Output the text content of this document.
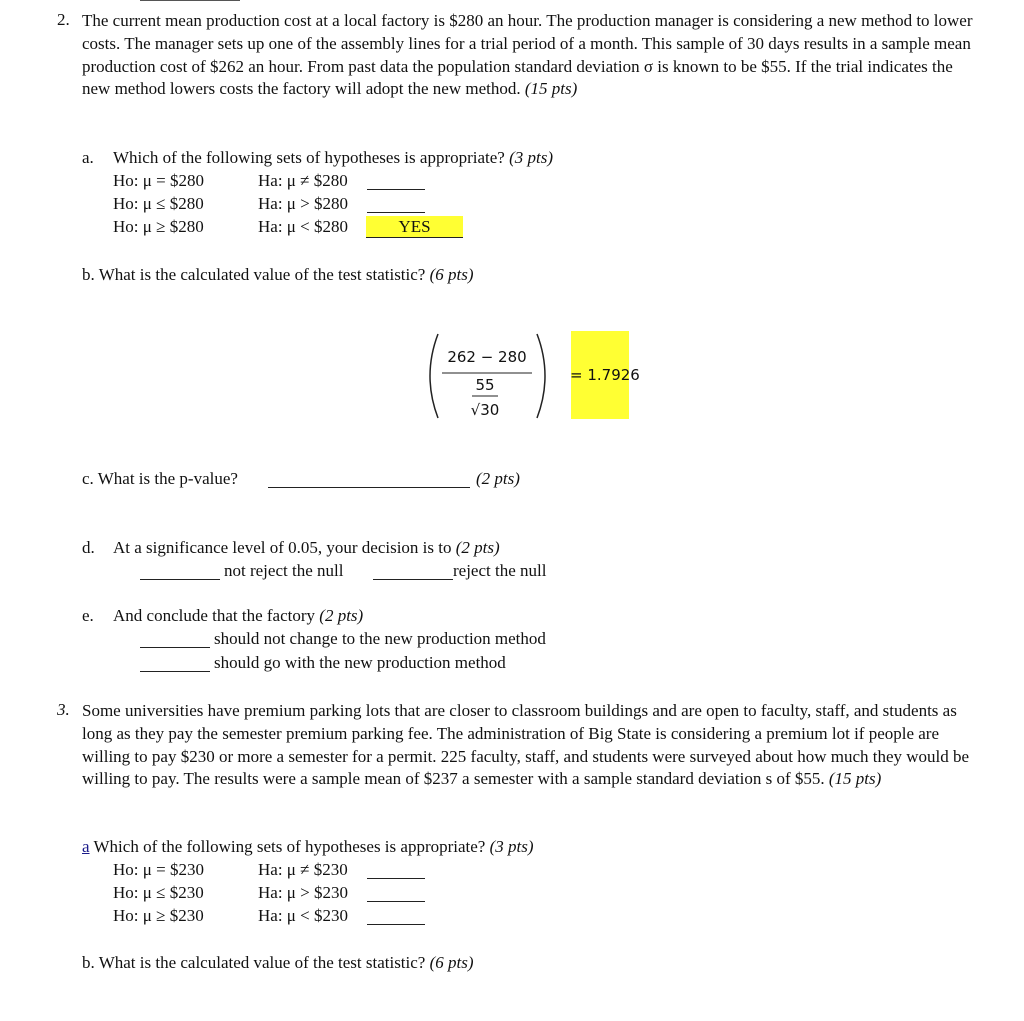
2. The current mean production cost at a local factory is $280 an hour. The production manager is considering a new method to lower costs. The manager sets up one of the assembly lines for a trial period of a month. This sample of 30 days results in a sample mean production cost of $262 an hour. From past data the population standard deviation σ is known to be $55. If the trial indicates the new method lowers costs the factory will adopt the new method. (15 pts)
a. Which of the following sets of hypotheses is appropriate? (3 pts)
Ho: μ = $280	Ha: μ ≠ $280
Ho: μ ≤ $280	Ha: μ > $280
Ho: μ ≥ $280	Ha: μ < $280	YES
b. What is the calculated value of the test statistic? (6 pts)
262 − 280
55
√30
= 1.7926
c. What is the p-value?	(2 pts)
d. At a significance level of 0.05, your decision is to (2 pts)
not reject the null	reject the null
e. And conclude that the factory (2 pts)
should not change to the new production method
should go with the new production method
3. Some universities have premium parking lots that are closer to classroom buildings and are open to faculty, staff, and students as long as they pay the semester premium parking fee. The administration of Big State is considering a premium lot if people are willing to pay $230 or more a semester for a permit. 225 faculty, staff, and students were surveyed about how much they would be willing to pay. The results were a sample mean of $237 a semester with a sample standard deviation s of $55. (15 pts)
a Which of the following sets of hypotheses is appropriate? (3 pts)
Ho: μ = $230	Ha: μ ≠ $230
Ho: μ ≤ $230	Ha: μ > $230
Ho: μ ≥ $230	Ha: μ < $230
b. What is the calculated value of the test statistic? (6 pts)
